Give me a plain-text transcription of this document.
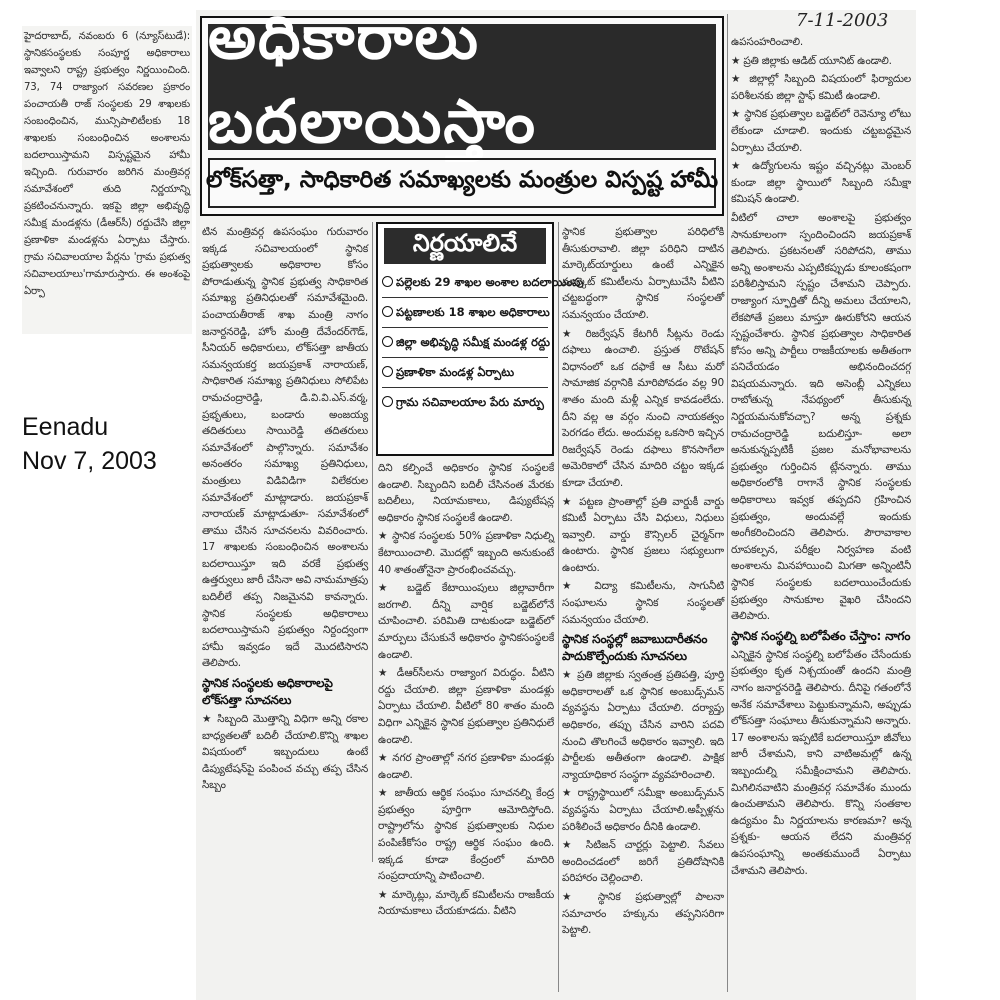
Eenadu
Nov 7, 2003

హైదరాబాద్‌, నవంబరు 6 (న్యూస్‌టుడే): స్థానికసంస్థలకు సంపూర్ణ అధికారాలు ఇవ్వాలని రాష్ట్ర ప్రభుత్వం నిర్ణయించింది. 73, 74 రాజ్యాంగ సవరణల ప్రకారం పంచాయతీ రాజ్‌ సంస్థలకు 29 శాఖలకు సంబంధించిన, మున్సిపాలిటీలకు 18 శాఖలకు సంబంధించిన అంశాలను బదలాయిస్తామని విస్పష్టమైన హామీ ఇచ్చింది. గురువారం జరిగిన మంత్రివర్గ సమావేశంలో తుది నిర్ణయాన్ని ప్రకటించనున్నారు. ఇకపై జిల్లా అభివృద్ధి సమీక్ష మండళ్లను (డీఆర్‌సీ) రద్దుచేసి జిల్లా ప్రణాళికా మండళ్లను ఏర్పాటు చేస్తారు. గ్రామ సచివాలయాల పేర్లను 'గ్రామ ప్రభుత్వ సచివాలయాలు'గామారుస్తారు. ఈ అంశంపై ఏర్పా

7-11-2003
అధికారాలు బదలాయిస్తాం
లోక్‌సత్తా, సాధికారిత సమాఖ్యలకు మంత్రుల విస్పష్ట హామీ

టిన మంత్రివర్గ ఉపసంఘం గురువారం ఇక్కడ సచివాలయంలో స్థానిక ప్రభుత్వాలకు అధికారాల కోసం పోరాడుతున్న స్థానిక ప్రభుత్వ సాధికారిత సమాఖ్య ప్రతినిధులతో సమావేశమైంది. పంచాయతీరాజ్‌ శాఖ మంత్రి నాగం జనార్దనరెడ్డి, హోం మంత్రి దేవేందర్‌గౌడ్‌, సీనియర్‌ అధికారులు, లోక్‌సత్తా జాతీయ సమన్వయకర్త జయప్రకాశ్‌ నారాయణ్‌, సాధికారిత సమాఖ్య ప్రతినిధులు సోలిపేట రామచంద్రారెడ్డి, డి.వి.వి.ఎస్‌.వర్మ, ప్రభృతులు, బండారు అంజయ్య తదితరులు సాయిరెడ్డి తదితరులు సమావేశంలో పాల్గొన్నారు. సమావేశం అనంతరం సమాఖ్య ప్రతినిధులు, మంత్రులు విడివిడిగా విలేకరుల సమావేశంలో మాట్లాడారు. జయప్రకాశ్‌ నారాయణ్‌ మాట్లాడుతూ- సమావేశంలో తాము చేసిన సూచనలను వివరించారు. 17 శాఖలకు సంబంధించిన అంశాలను బదలాయిస్తూ ఇది వరకే ప్రభుత్వ ఉత్తర్వులు జారీ చేసినా అవి నామమాత్రపు బదిలీలే తప్ప నిజమైనవి కావన్నారు. స్థానిక సంస్థలకు అధికారాలు బదలాయిస్తామని ప్రభుత్వం నిర్దంద్వంగా హామీ ఇవ్వడం ఇదే మొదటిసారని తెలిపారు.

స్థానిక సంస్థలకు అధికారాలపై లోక్‌సత్తా సూచనలు

★ సిబ్బంది మొత్తాన్ని విధిగా అన్ని రకాల బాధ్యతలతో బదిలీ చేయాలి.కొన్ని శాఖల విషయంలో ఇబ్బందులు ఉంటే డిప్యుటేషన్‌పై పంపించ వచ్చు తప్ప చేసిన సిబ్బం

నిర్ణయాలివే
పల్లెలకు 29 శాఖల అంశాల బదలాయింపు
పట్టణాలకు 18 శాఖల అధికారాలు
జిల్లా అభివృద్ధి సమీక్ష మండళ్ల రద్దు
ప్రణాళికా మండళ్ల ఏర్పాటు
గ్రామ సచివాలయాల పేరు మార్పు

దిని కల్పించే అధికారం స్థానిక సంస్థలకే ఉండాలి. సిబ్బందిని బదిలీ చేసినంత మేరకు బదిలీలు, నియామకాలు, డిప్యుటేషన్ల అధికారం స్థానిక సంస్థలకే ఉండాలి.

★ స్థానిక సంస్థలకు 50% ప్రణాళికా నిధుల్ని కేటాయించాలి. మొదట్లో ఇబ్బంది అనుకుంటే 40 శాతంతోనైనా ప్రారంభించవచ్చు.

★ బడ్జెట్‌ కేటాయింపులు జిల్లావారీగా జరగాలి. దీన్ని వార్షిక బడ్జెట్‌లోనే చూపించాలి. పరిమితి దాటకుండా బడ్జెట్‌లో మార్పులు చేసుకునే అధికారం స్థానికసంస్థలకే ఉండాలి.

★ డీఆర్‌సీలను రాజ్యాంగ విరుద్ధం. వీటిని రద్దు చేయాలి. జిల్లా ప్రణాళికా మండళ్లు ఏర్పాటు చేయాలి. వీటిలో 80 శాతం మంది విధిగా ఎన్నికైన స్థానిక ప్రభుత్వాల ప్రతినిధులే ఉండాలి.

★ నగర ప్రాంతాల్లో నగర ప్రణాళికా మండళ్లు ఉండాలి.

★ జాతీయ ఆర్థిక సంఘం సూచనల్ని కేంద్ర ప్రభుత్వం పూర్తిగా ఆమోదిస్తోంది. రాష్ట్రాలోను స్థానిక ప్రభుత్వాలకు నిధుల పంపిణీకోసం రాష్ట్ర ఆర్థిక సంఘం ఉంది. ఇక్కడ కూడా కేంద్రంలో మాదిరి సంప్రదాయాన్ని పాటించాలి.

★ మార్కెట్లు, మార్కెట్‌ కమిటీలను రాజకీయ నియామకాలు చేయకూడదు. వీటిని

స్థానిక ప్రభుత్వాల పరిధిలోకి తీసుకురావాలి. జిల్లా పరిధిని దాటిన మార్కెట్‌యార్డులు ఉంటే ఎన్నికైన మార్కెట్‌ కమిటీలను ఏర్పాటుచేసి వీటిని చట్టబద్ధంగా స్థానిక సంస్థలతో సమన్వయం చేయాలి.

★ రిజర్వేషన్‌ కేటగిరీ సీట్లను రెండు దఫాలు ఉంచాలి. ప్రస్తుత రొటేషన్‌ విధానంలో ఒక దఫాకే ఆ సీటు మరో సామాజిక వర్గానికి మారిపోవడం వల్ల 90 శాతం మంది మళ్లీ ఎన్నిక కావడంలేదు. దీని వల్ల ఆ వర్గం నుంచి నాయకత్వం పెరగడం లేదు. అందువల్ల ఒకసారి ఇచ్చిన రిజర్వేషన్‌ రెండు దఫాలు కొనసాగేలా అమెరికాలో చేసిన మాదిరి చట్టం ఇక్కడ కూడా చేయాలి.

★ పట్టణ ప్రాంతాల్లో ప్రతి వార్డుకీ వార్డు కమిటీ ఏర్పాటు చేసి విధులు, నిధులు ఇవ్వాలి. వార్డు కౌన్సిలర్‌ చైర్మన్‌గా ఉంటారు. స్థానిక ప్రజలు సభ్యులుగా ఉంటారు.

★ విద్యా కమిటీలను, సాగునీటి సంఘాలను స్థానిక సంస్థలతో సమన్వయం చేయాలి.

స్థానిక సంస్థల్లో జవాబుదారీతనం పాదుకొల్పేందుకు సూచనలు

★ ప్రతి జిల్లాకు స్వతంత్ర ప్రతిపత్తి, పూర్తి అధికారాలతో ఒక స్థానిక అంబుడ్స్‌మన్‌ వ్యవస్థను ఏర్పాటు చేయాలి. దర్యాప్తు అధికారం, తప్పు చేసిన వారిని పదవి నుంచి తొలగించే అధికారం ఇవ్వాలి. ఇది పార్టీలకు అతీతంగా ఉండాలి. పాక్షిక న్యాయాధికార సంస్థగా వ్యవహరించాలి.

★ రాష్ట్రస్థాయిలో సమీక్షా అంబుడ్స్‌మన్‌ వ్యవస్థను ఏర్పాటు చేయాలి.అప్పీళ్లను పరిశీలించే అధికారం దీనికి ఉండాలి.

★ సిటిజన్‌ చార్టర్లు పెట్టాలి. సేవలు అందించడంలో జరిగే ప్రతిదోషానికి పరిహారం చెల్లించాలి.

★ స్థానిక ప్రభుత్వాల్లో పాలనా సమాచారం హక్కును తప్పనిసరిగా పెట్టాలి.

ఉపసంహరించాలి.

★ ప్రతి జిల్లాకు ఆడిట్‌ యూనిట్‌ ఉండాలి.

★ జిల్లాల్లో సిబ్బంది విషయంలో ఫిర్యాదుల పరిశీలనకు జిల్లా స్టాఫ్‌ కమిటీ ఉండాలి.

★ స్థానిక ప్రభుత్వాల బడ్జెట్‌లో రెవెన్యూ లోటు లేకుండా చూడాలి. ఇందుకు చట్టబద్ధమైన ఏర్పాటు చేయాలి.

★ ఉద్యోగులను ఇష్టం వచ్చినట్లు మెంబర్‌ కుండా జిల్లా స్థాయిలో సిబ్బంది సమీక్షా కమిషన్‌ ఉండాలి.

వీటిలో చాలా అంశాలపై ప్రభుత్వం సానుకూలంగా స్పందించిందని జయప్రకాశ్‌ తెలిపారు. ప్రకటనలతో సరిపోదని, తాము అన్ని అంశాలను ఎప్పటికప్పుడు కూలంకషంగా పరిశీలిస్తామని స్పష్టం చేశామని చెప్పారు. రాజ్యాంగ స్ఫూర్తితో దీన్ని అమలు చేయాలని, లేకపోతే ప్రజలు మాస్తూ ఊరుకోరని ఆయన స్పష్టంచేశారు. స్థానిక ప్రభుత్వాల సాధికారిత కోసం అన్ని పార్టీలు రాజకీయాలకు అతీతంగా పనిచేయడం అభినందించదగ్గ విషయమన్నారు. ఇది అసెంబ్లీ ఎన్నికలు రాబోతున్న నేపథ్యంలో తీసుకున్న నిర్ణయమనుకోవచ్చా? అన్న ప్రశ్నకు రామచంద్రారెడ్డి బదులిస్తూ- అలా అనుకున్నప్పటికీ ప్రజల మనోభావాలను ప్రభుత్వం గుర్తించిన ట్లేనన్నారు. తాము అధికారంలోకి రాగానే స్థానిక సంస్థలకు అధికారాలు ఇవ్వక తప్పదని గ్రహించిన ప్రభుత్వం, అందువల్లే ఇందుకు అంగీకరించిందని తెలిపారు. పౌరావాకాల రూపకల్పన, పరీక్షల నిర్వహణ వంటి అంశాలను మినహాయించి మిగతా అన్నింటినీ స్థానిక సంస్థలకు బదలాయించేందుకు ప్రభుత్వం సానుకూల వైఖరి చేసిందని తెలిపారు.

స్థానిక సంస్థల్ని బలోపేతం చేస్తాం: నాగం

ఎన్నికైన స్థానిక సంస్థల్ని బలోపేతం చేసేందుకు ప్రభుత్వం కృత నిశ్చయంతో ఉందని మంత్రి నాగం జనార్దనరెడ్డి తెలిపారు. దీనిపై గతంలోనే అనేక సమావేశాలు పెట్టుకున్నామని, అప్పుడు లోక్‌సత్తా సంఘాలు తీసుకున్నామని అన్నారు. 17 అంశాలను ఇప్పటికే బదలాయిస్తూ జీవోలు జారీ చేశామని, కాని వాటిఅమల్లో ఉన్న ఇబ్బందుల్ని సమీక్షించామని తెలిపారు. మిగిలినవాటిని మంత్రివర్గ సమావేశం ముందు ఉంచుతామని తెలిపారు. కొన్ని సంతకాల ఉద్యమం మీ నిర్ణయాలను కారణమా? అన్న ప్రశ్నకు- ఆయన లేదని మంత్రివర్గ ఉపసంఘాన్ని అంతకుముందే ఏర్పాటు చేశామని తెలిపారు.
